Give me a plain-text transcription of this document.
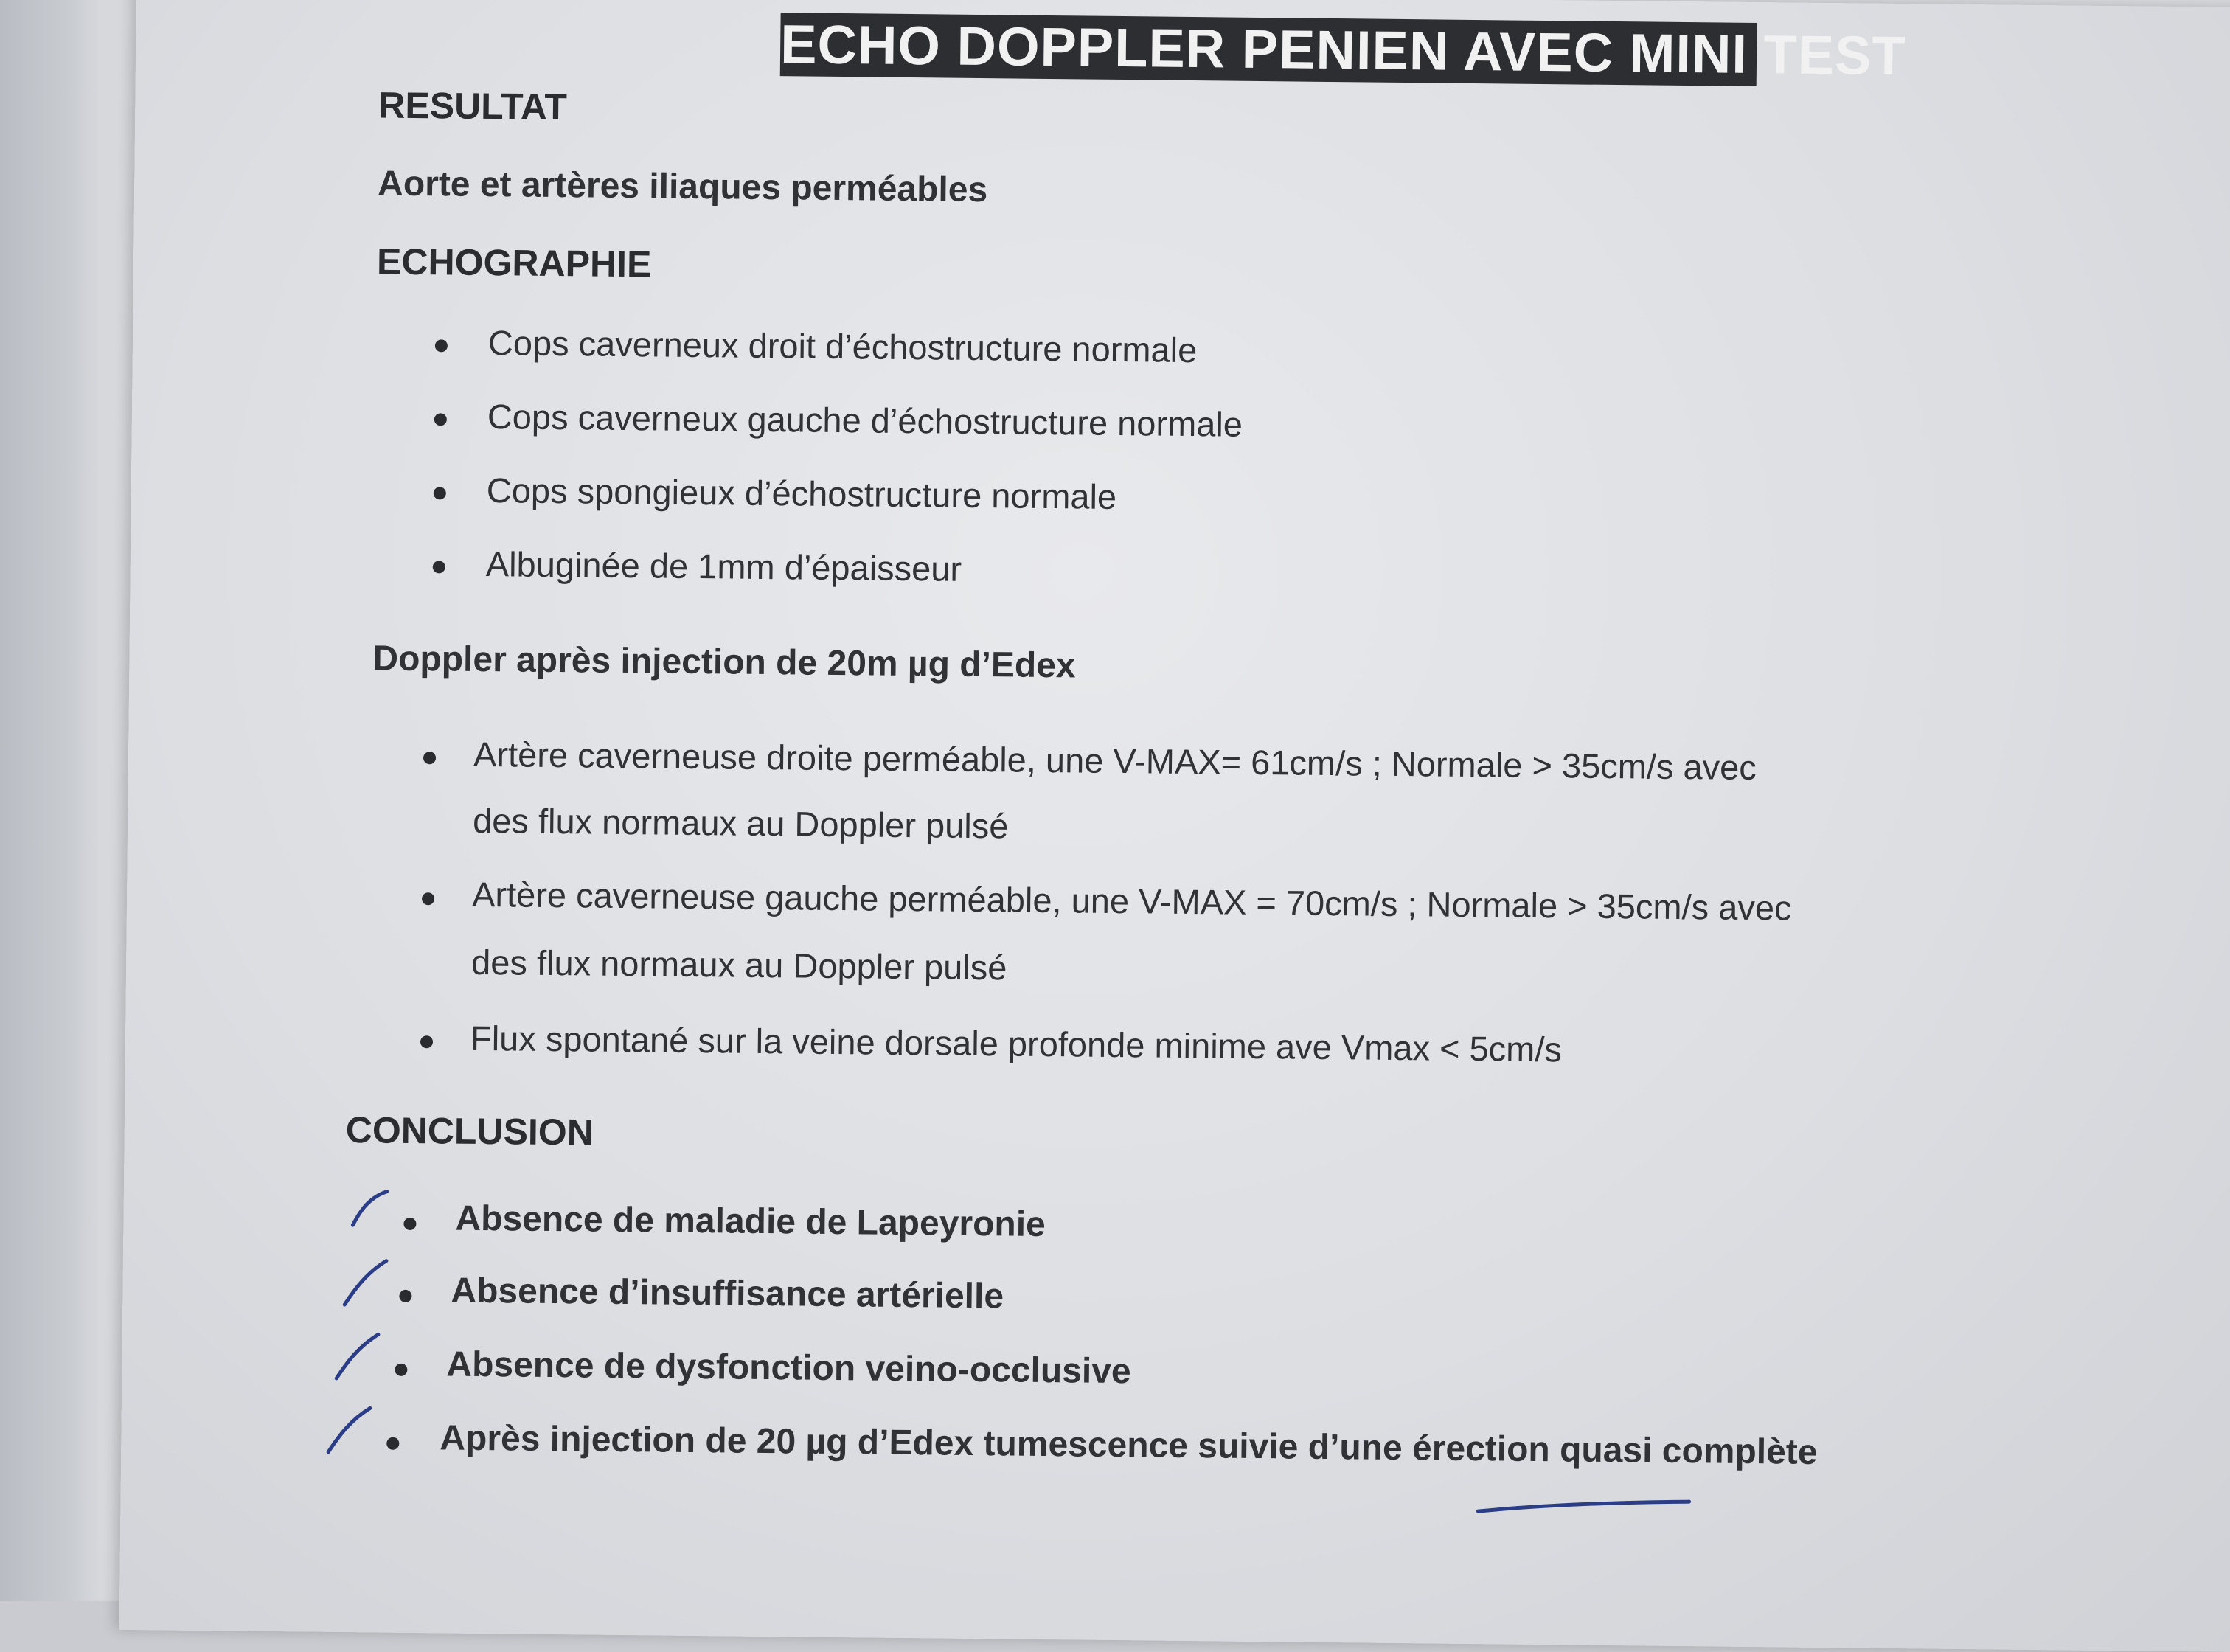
ECHO DOPPLER PENIEN AVEC MINI TEST
RESULTAT
Aorte et artères iliaques perméables
ECHOGRAPHIE
Cops caverneux droit d’échostructure normale
Cops caverneux gauche d’échostructure normale
Cops spongieux d’échostructure normale
Albuginée de 1mm d’épaisseur
Doppler après injection de 20m µg d’Edex
Artère caverneuse droite perméable, une V-MAX= 61cm/s ; Normale > 35cm/s avec
des flux normaux au Doppler pulsé
Artère caverneuse gauche perméable, une V-MAX = 70cm/s ; Normale > 35cm/s avec
des flux normaux au Doppler pulsé
Flux spontané sur la veine dorsale profonde minime ave Vmax < 5cm/s
CONCLUSION
Absence de maladie de Lapeyronie
Absence d’insuffisance artérielle
Absence de dysfonction veino-occlusive
Après injection de 20 µg d’Edex tumescence suivie d’une érection quasi complète
